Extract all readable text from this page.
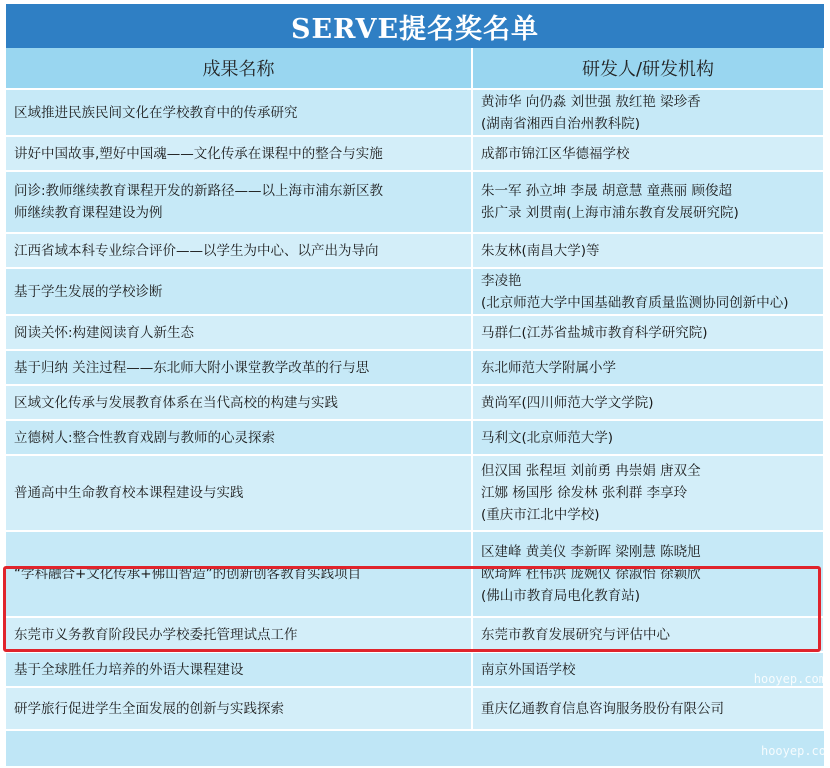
SERVE提名奖名单
成果名称	研发人/研发机构

区域推进民族民间文化在学校教育中的传承研究	黄沛华 向仍淼 刘世强 敖红艳 梁珍香
(湖南省湘西自治州教科院)

讲好中国故事,塑好中国魂——文化传承在课程中的整合与实施	成都市锦江区华德福学校

问诊:教师继续教育课程开发的新路径——以上海市浦东新区教
师继续教育课程建设为例	朱一军 孙立坤 李晟 胡意慧 童燕丽 顾俊超
张广录 刘贯南(上海市浦东教育发展研究院)

江西省域本科专业综合评价——以学生为中心、以产出为导向	朱友林(南昌大学)等

基于学生发展的学校诊断	李凌艳
(北京师范大学中国基础教育质量监测协同创新中心)

阅读关怀:构建阅读育人新生态	马群仁(江苏省盐城市教育科学研究院)

基于归纳 关注过程——东北师大附小课堂教学改革的行与思	东北师范大学附属小学

区域文化传承与发展教育体系在当代高校的构建与实践	黄尚军(四川师范大学文学院)

立德树人:整合性教育戏剧与教师的心灵探索	马利文(北京师范大学)

普通高中生命教育校本课程建设与实践	但汉国 张程垣 刘前勇 冉崇娟 唐双全
江娜 杨国彤 徐发林 张利群 李享玲
(重庆市江北中学校)

“学科融合+文化传承+佛山智造”的创新创客教育实践项目	区建峰 黄美仪 李新晖 梁刚慧 陈晓旭
欧琦辉 杜伟洪 庞婉仪 徐淑怡 徐颖欣
(佛山市教育局电化教育站)

东莞市义务教育阶段民办学校委托管理试点工作	东莞市教育发展研究与评估中心

基于全球胜任力培养的外语大课程建设	南京外国语学校

研学旅行促进学生全面发展的创新与实践探索	重庆亿通教育信息咨询服务股份有限公司
hooyep.com
hooyep.co
